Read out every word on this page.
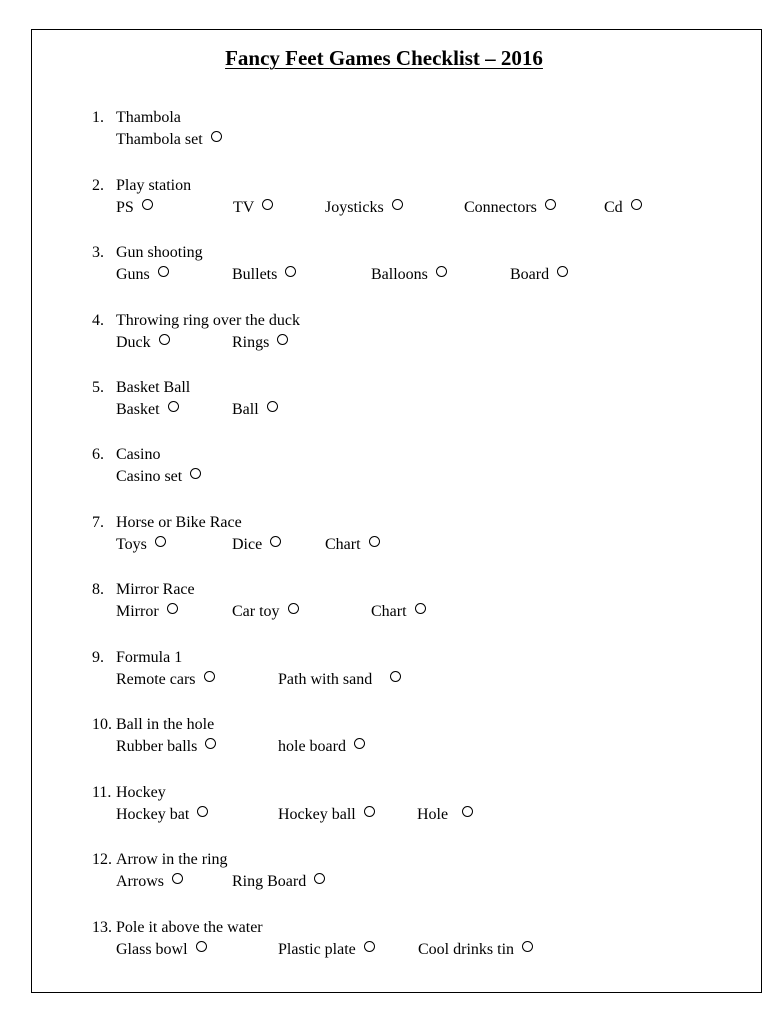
Fancy Feet Games Checklist – 2016
1. Thambola
Thambola set
2. Play station
PS	TV	Joysticks	Connectors	Cd
3. Gun shooting
Guns	Bullets	Balloons	Board
4. Throwing ring over the duck
Duck	Rings
5. Basket Ball
Basket	Ball
6. Casino
Casino set
7. Horse or Bike Race
Toys	Dice	Chart
8. Mirror Race
Mirror	Car toy	Chart
9. Formula 1
Remote cars	Path with sand
10. Ball in the hole
Rubber balls	hole board
11. Hockey
Hockey bat	Hockey ball	Hole
12. Arrow in the ring
Arrows	Ring Board
13. Pole it above the water
Glass bowl	Plastic plate	Cool drinks tin
